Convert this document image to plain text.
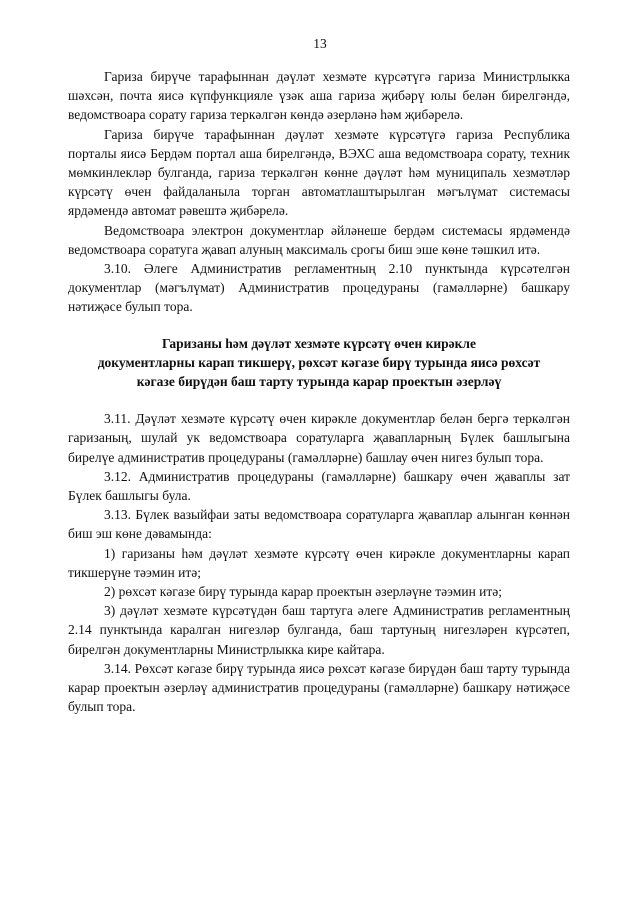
13

Гариза бирүче тарафыннан дәүләт хезмәте күрсәтүгә гариза Министрлыкка шәхсән, почта яисә күпфункцияле үзәк аша гариза җибәрү юлы белән бирелгәндә, ведомствоара сорату гариза теркәлгән көндә әзерләнә һәм җибәрелә.

Гариза бирүче тарафыннан дәүләт хезмәте күрсәтүгә гариза Республика порталы яисә Бердәм портал аша бирелгәндә, ВЭХС аша ведомствоара сорату, техник мөмкинлекләр булганда, гариза теркәлгән көнне дәүләт һәм муниципаль хезмәтләр күрсәтү өчен файдаланыла торган автоматлаштырылган мәгълүмат системасы ярдәмендә автомат рәвештә җибәрелә.

Ведомствоара электрон документлар әйләнеше бердәм системасы ярдәмендә ведомствоара соратуга җавап алуның максималь срогы биш эше көне тәшкил итә.

3.10. Әлеге Административ регламентның 2.10 пунктында күрсәтелгән документлар (мәгълүмат) Административ процедураны (гамәлләрне) башкару нәтиҗәсе булып тора.

Гаризаны һәм дәүләт хезмәте күрсәтү өчен кирәкле
документларны карап тикшерү, рөхсәт кәгазе бирү турында яисә рөхсәт
кәгазе бирүдән баш тарту турында карар проектын әзерләү

3.11. Дәүләт хезмәте күрсәтү өчен кирәкле документлар белән бергә теркәлгән гаризаның, шулай ук ведомствоара соратуларга җавапларның Бүлек башлыгына бирелүе административ процедураны (гамәлләрне) башлау өчен нигез булып тора.

3.12. Административ процедураны (гамәлләрне) башкару өчен җаваплы зат Бүлек башлыгы була.

3.13. Бүлек вазыйфаи заты ведомствоара соратуларга җаваплар алынган көннән биш эш көне дәвамында:

1) гаризаны һәм дәүләт хезмәте күрсәтү өчен кирәкле документларны карап тикшерүне тәэмин итә;

2) рөхсәт кәгазе бирү турында карар проектын әзерләүне тәэмин итә;

3) дәүләт хезмәте күрсәтүдән баш тартуга әлеге Административ регламентның 2.14 пунктында каралган нигезләр булганда, баш тартуның нигезләрен күрсәтеп, бирелгән документларны Министрлыкка кире кайтара.

3.14. Рөхсәт кәгазе бирү турында яисә рөхсәт кәгазе бирүдән баш тарту турында карар проектын әзерләү административ процедураны (гамәлләрне) башкару нәтиҗәсе булып тора.
